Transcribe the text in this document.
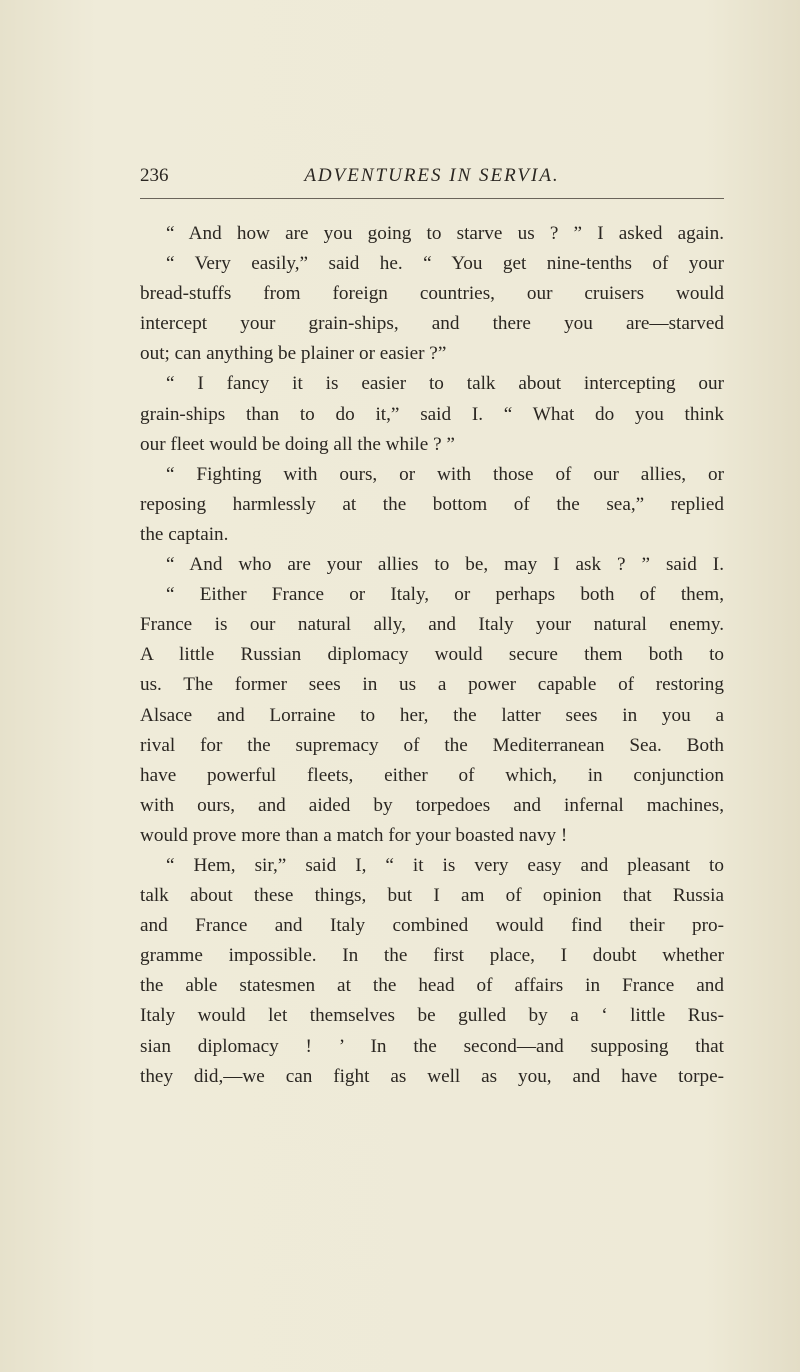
ADVENTURES IN SERVIA.
236
“ And how are you going to starve us ? ” I asked again.
“ Very easily,” said he. “ You get nine-tenths of your
bread-stuffs from foreign countries, our cruisers would
intercept your grain-ships, and there you are—starved
out; can anything be plainer or easier ?”
“ I fancy it is easier to talk about intercepting our
grain-ships than to do it,” said I. “ What do you think
our fleet would be doing all the while ? ”
“ Fighting with ours, or with those of our allies, or
reposing harmlessly at the bottom of the sea,” replied
the captain.
“ And who are your allies to be, may I ask ? ” said I.
“ Either France or Italy, or perhaps both of them,
France is our natural ally, and Italy your natural enemy.
A little Russian diplomacy would secure them both to
us. The former sees in us a power capable of restoring
Alsace and Lorraine to her, the latter sees in you a
rival for the supremacy of the Mediterranean Sea. Both
have powerful fleets, either of which, in conjunction
with ours, and aided by torpedoes and infernal machines,
would prove more than a match for your boasted navy !
“ Hem, sir,” said I, “ it is very easy and pleasant to
talk about these things, but I am of opinion that Russia
and France and Italy combined would find their pro-
gramme impossible. In the first place, I doubt whether
the able statesmen at the head of affairs in France and
Italy would let themselves be gulled by a ‘ little Rus-
sian diplomacy ! ’ In the second—and supposing that
they did,—we can fight as well as you, and have torpe-
